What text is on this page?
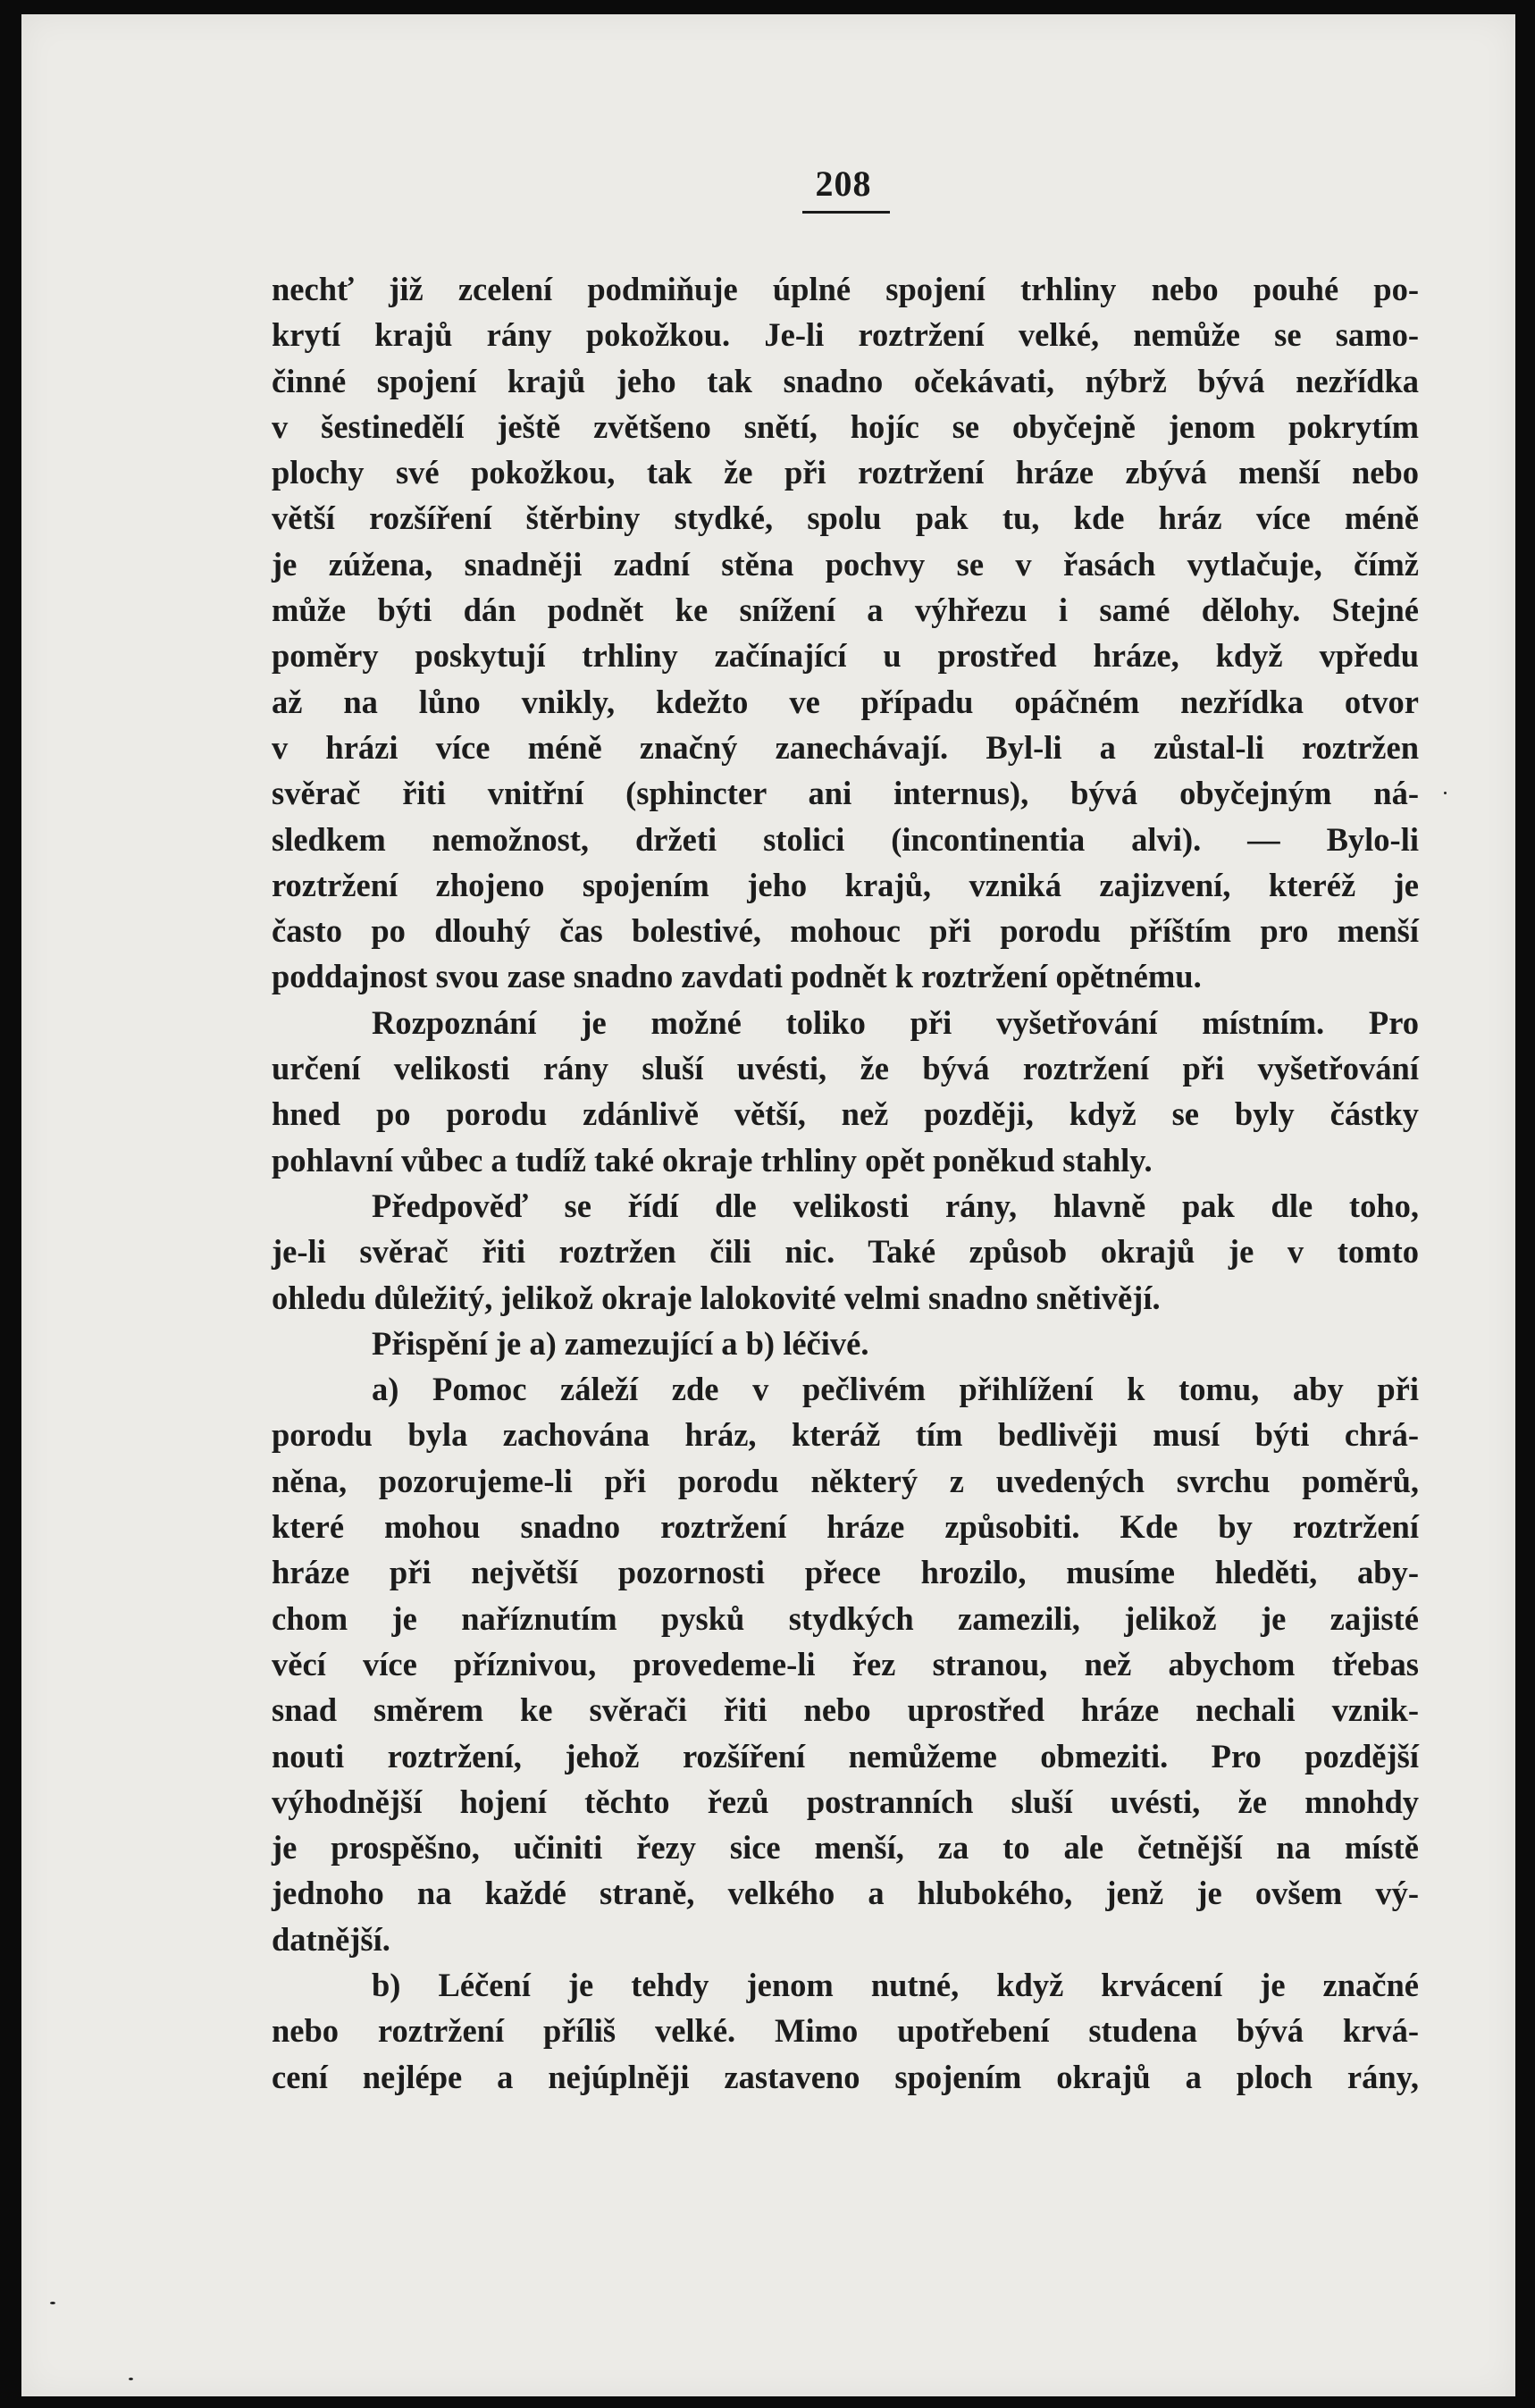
208
nechť již zcelení podmiňuje úplné spojení trhliny nebo pouhé po-
krytí krajů rány pokožkou. Je-li roztržení velké, nemůže se samo-
činné spojení krajů jeho tak snadno očekávati, nýbrž bývá nezřídka
v šestinedělí ještě zvětšeno snětí, hojíc se obyčejně jenom pokrytím
plochy své pokožkou, tak že při roztržení hráze zbývá menší nebo
větší rozšíření štěrbiny stydké, spolu pak tu, kde hráz více méně
je zúžena, snadněji zadní stěna pochvy se v řasách vytlačuje, čímž
může býti dán podnět ke snížení a výhřezu i samé dělohy. Stejné
poměry poskytují trhliny začínající u prostřed hráze, když vpředu
až na lůno vnikly, kdežto ve případu opáčném nezřídka otvor
v hrázi více méně značný zanechávají. Byl-li a zůstal-li roztržen
svěrač řiti vnitřní (sphincter ani internus), bývá obyčejným ná-
sledkem nemožnost, držeti stolici (incontinentia alvi). — Bylo-li
roztržení zhojeno spojením jeho krajů, vzniká zajizvení, kteréž je
často po dlouhý čas bolestivé, mohouc při porodu příštím pro menší
poddajnost svou zase snadno zavdati podnět k roztržení opětnému.
Rozpoznání je možné toliko při vyšetřování místním. Pro
určení velikosti rány sluší uvésti, že bývá roztržení při vyšetřování
hned po porodu zdánlivě větší, než později, když se byly částky
pohlavní vůbec a tudíž také okraje trhliny opět poněkud stahly.
Předpověď se řídí dle velikosti rány, hlavně pak dle toho,
je-li svěrač řiti roztržen čili nic. Také způsob okrajů je v tomto
ohledu důležitý, jelikož okraje lalokovité velmi snadno snětivějí.
Přispění je a) zamezující a b) léčivé.
a) Pomoc záleží zde v pečlivém přihlížení k tomu, aby při
porodu byla zachována hráz, kteráž tím bedlivěji musí býti chrá-
něna, pozorujeme-li při porodu některý z uvedených svrchu poměrů,
které mohou snadno roztržení hráze způsobiti. Kde by roztržení
hráze při největší pozornosti přece hrozilo, musíme hleděti, aby-
chom je naříznutím pysků stydkých zamezili, jelikož je zajisté
věcí více příznivou, provedeme-li řez stranou, než abychom třebas
snad směrem ke svěrači řiti nebo uprostřed hráze nechali vznik-
nouti roztržení, jehož rozšíření nemůžeme obmeziti. Pro pozdější
výhodnější hojení těchto řezů postranních sluší uvésti, že mnohdy
je prospěšno, učiniti řezy sice menší, za to ale četnější na místě
jednoho na každé straně, velkého a hlubokého, jenž je ovšem vý-
datnější.
b) Léčení je tehdy jenom nutné, když krvácení je značné
nebo roztržení příliš velké. Mimo upotřebení studena bývá krvá-
cení nejlépe a nejúplněji zastaveno spojením okrajů a ploch rány,
